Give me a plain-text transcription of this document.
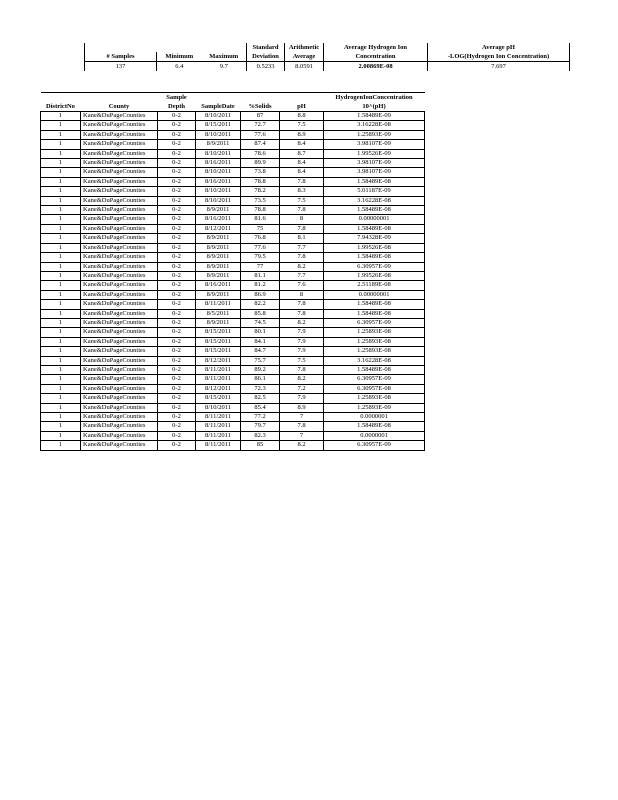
			Standard	Arithmetic	Average Hydrogen Ion	Average pH
# Samples	Minimum	Maximum	Deviation	Average	Concentration	-LOG(Hydrogen Ion Concentration)
137	6.4	9.7	0.5233	8.0591	2.00869E-08	7.697
		Sample				HydrogenIonConcentration
DistrictNo	County	Depth	SampleDate	%Solids	pH	10^(pH)
1	Kane&DuPageCounties	0-2	8/10/2011	87	8.8	1.58489E-09
1	Kane&DuPageCounties	0-2	8/15/2011	72.7	7.5	3.16228E-08
1	Kane&DuPageCounties	0-2	8/10/2011	77.6	8.9	1.25893E-09
1	Kane&DuPageCounties	0-2	8/9/2011	87.4	8.4	3.98107E-09
1	Kane&DuPageCounties	0-2	8/10/2011	78.6	8.7	1.99526E-09
1	Kane&DuPageCounties	0-2	8/16/2011	89.9	8.4	3.98107E-09
1	Kane&DuPageCounties	0-2	8/10/2011	73.8	8.4	3.98107E-09
1	Kane&DuPageCounties	0-2	8/16/2011	78.8	7.8	1.58489E-08
1	Kane&DuPageCounties	0-2	8/10/2011	78.2	8.3	5.01187E-09
1	Kane&DuPageCounties	0-2	8/10/2011	73.5	7.5	3.16228E-08
1	Kane&DuPageCounties	0-2	8/9/2011	78.8	7.8	1.58489E-08
1	Kane&DuPageCounties	0-2	8/16/2011	81.6	8	0.00000001
1	Kane&DuPageCounties	0-2	8/12/2011	75	7.8	1.58489E-08
1	Kane&DuPageCounties	0-2	8/9/2011	76.8	8.1	7.94328E-09
1	Kane&DuPageCounties	0-2	8/9/2011	77.6	7.7	1.99526E-08
1	Kane&DuPageCounties	0-2	8/9/2011	79.5	7.8	1.58489E-08
1	Kane&DuPageCounties	0-2	8/9/2011	77	8.2	6.30957E-09
1	Kane&DuPageCounties	0-2	8/9/2011	81.1	7.7	1.99526E-08
1	Kane&DuPageCounties	0-2	8/16/2011	81.2	7.6	2.51189E-08
1	Kane&DuPageCounties	0-2	8/9/2011	86.9	8	0.00000001
1	Kane&DuPageCounties	0-2	8/11/2011	82.2	7.8	1.58489E-08
1	Kane&DuPageCounties	0-2	8/5/2011	85.8	7.8	1.58489E-08
1	Kane&DuPageCounties	0-2	8/9/2011	74.5	8.2	6.30957E-09
1	Kane&DuPageCounties	0-2	8/15/2011	80.1	7.9	1.25893E-08
1	Kane&DuPageCounties	0-2	8/15/2011	84.1	7.9	1.25893E-08
1	Kane&DuPageCounties	0-2	8/15/2011	84.7	7.9	1.25893E-08
1	Kane&DuPageCounties	0-2	8/12/2011	75.7	7.5	3.16228E-08
1	Kane&DuPageCounties	0-2	8/11/2011	89.2	7.8	1.58489E-08
1	Kane&DuPageCounties	0-2	8/11/2011	86.1	8.2	6.30957E-09
1	Kane&DuPageCounties	0-2	8/12/2011	72.3	7.2	6.30957E-08
1	Kane&DuPageCounties	0-2	8/15/2011	82.5	7.9	1.25893E-08
1	Kane&DuPageCounties	0-2	8/10/2011	85.4	8.9	1.25893E-09
1	Kane&DuPageCounties	0-2	8/11/2011	77.2	7	0.0000001
1	Kane&DuPageCounties	0-2	8/11/2011	79.7	7.8	1.58489E-08
1	Kane&DuPageCounties	0-2	8/11/2011	82.3	7	0.0000001
1	Kane&DuPageCounties	0-2	8/11/2011	85	8.2	6.30957E-09
